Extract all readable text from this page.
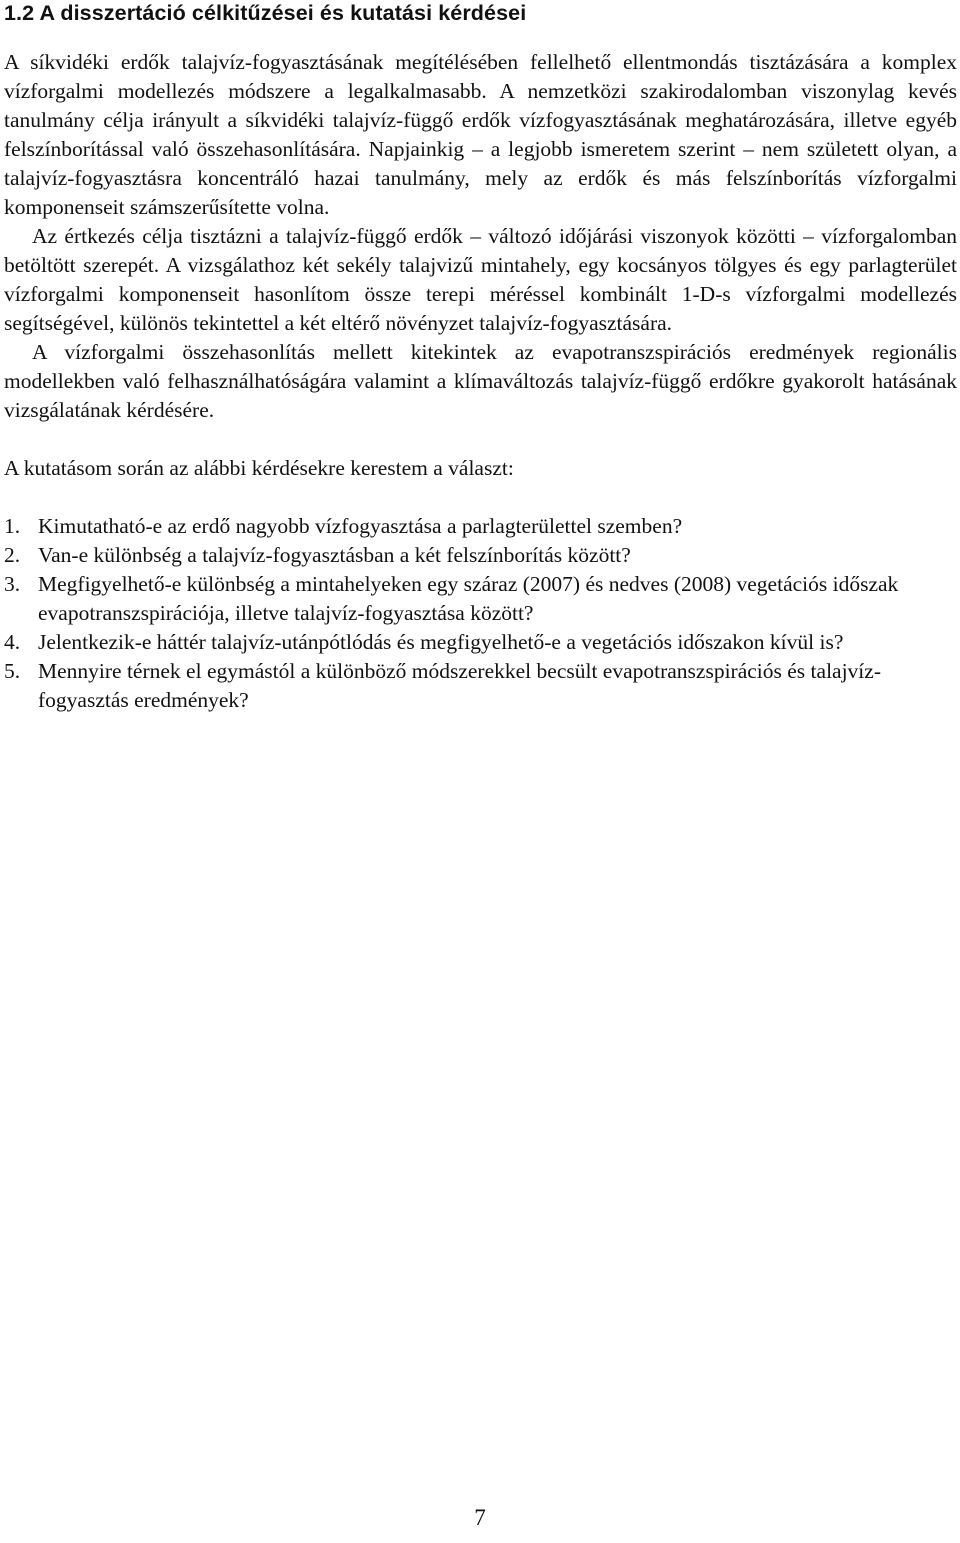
1.2 A disszertáció célkitűzései és kutatási kérdései

A síkvidéki erdők talajvíz-fogyasztásának megítélésében fellelhető ellentmondás tisztázására a komplex vízforgalmi modellezés módszere a legalkalmasabb. A nemzetközi szakirodalomban viszonylag kevés tanulmány célja irányult a síkvidéki talajvíz-függő erdők vízfogyasztásának meghatározására, illetve egyéb felszínborítással való összehasonlítására. Napjainkig – a legjobb ismeretem szerint – nem született olyan, a talajvíz-fogyasztásra koncentráló hazai tanulmány, mely az erdők és más felszínborítás vízforgalmi komponenseit számszerűsítette volna.

Az értkezés célja tisztázni a talajvíz-függő erdők – változó időjárási viszonyok közötti – vízforgalomban betöltött szerepét. A vizsgálathoz két sekély talajvizű mintahely, egy kocsányos tölgyes és egy parlagterület vízforgalmi komponenseit hasonlítom össze terepi méréssel kombinált 1-D-s vízforgalmi modellezés segítségével, különös tekintettel a két eltérő növényzet talajvíz-fogyasztására.

A vízforgalmi összehasonlítás mellett kitekintek az evapotranszspirációs eredmények regionális modellekben való felhasználhatóságára valamint a klímaváltozás talajvíz-függő erdőkre gyakorolt hatásának vizsgálatának kérdésére.

A kutatásom során az alábbi kérdésekre kerestem a választ:

1. Kimutatható-e az erdő nagyobb vízfogyasztása a parlagterülettel szemben?
2. Van-e különbség a talajvíz-fogyasztásban a két felszínborítás között?
3. Megfigyelhető-e különbség a mintahelyeken egy száraz (2007) és nedves (2008) vegetációs időszak evapotranszspirációja, illetve talajvíz-fogyasztása között?
4. Jelentkezik-e háttér talajvíz-utánpótlódás és megfigyelhető-e a vegetációs időszakon kívül is?
5. Mennyire térnek el egymástól a különböző módszerekkel becsült evapotranszspirációs és talajvíz-fogyasztás eredmények?
7
